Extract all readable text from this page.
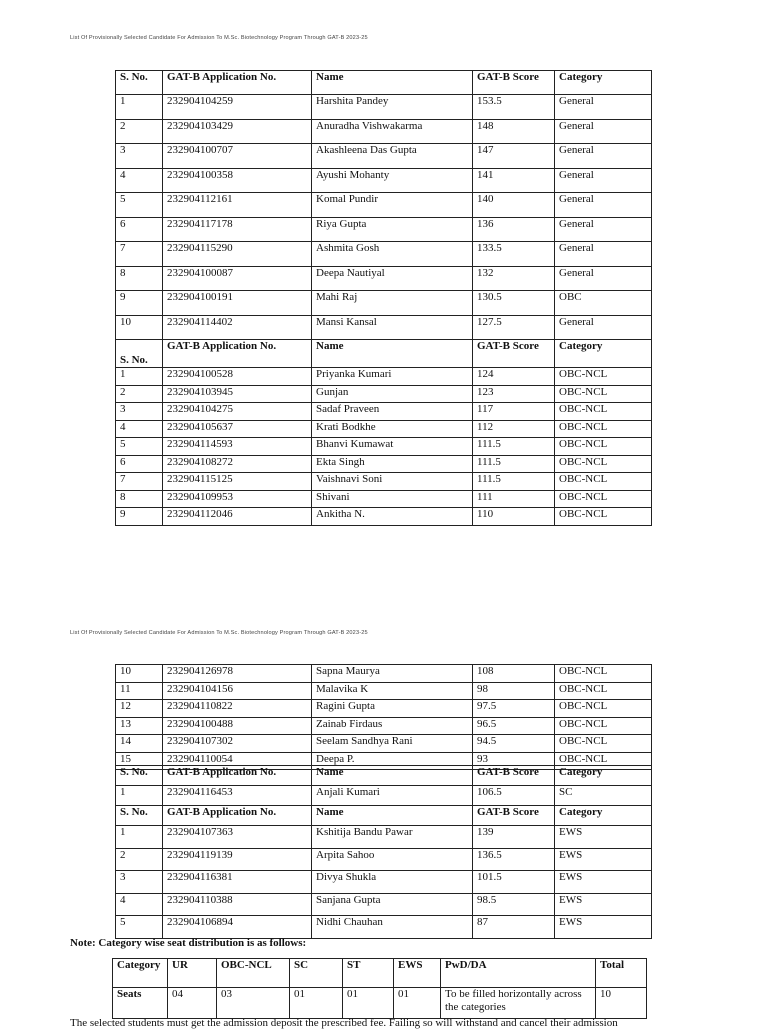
List Of Provisionally Selected Candidate For Admission To M.Sc. Biotechnology Program Through GAT-B 2023-25
S. No.	GAT-B Application No.	Name	GAT-B Score	Category
1	232904104259	Harshita Pandey	153.5	General
2	232904103429	Anuradha Vishwakarma	148	General
3	232904100707	Akashleena Das Gupta	147	General
4	232904100358	Ayushi Mohanty	141	General
5	232904112161	Komal Pundir	140	General
6	232904117178	Riya Gupta	136	General
7	232904115290	Ashmita Gosh	133.5	General
8	232904100087	Deepa Nautiyal	132	General
9	232904100191	Mahi Raj	130.5	OBC
10	232904114402	Mansi Kansal	127.5	General
S. No.	GAT-B Application No.	Name	GAT-B Score	Category
1	232904100528	Priyanka Kumari	124	OBC-NCL
2	232904103945	Gunjan	123	OBC-NCL
3	232904104275	Sadaf Praveen	117	OBC-NCL
4	232904105637	Krati Bodkhe	112	OBC-NCL
5	232904114593	Bhanvi Kumawat	111.5	OBC-NCL
6	232904108272	Ekta Singh	111.5	OBC-NCL
7	232904115125	Vaishnavi Soni	111.5	OBC-NCL
8	232904109953	Shivani	111	OBC-NCL
9	232904112046	Ankitha N.	110	OBC-NCL
List Of Provisionally Selected Candidate For Admission To M.Sc. Biotechnology Program Through GAT-B 2023-25
10	232904126978	Sapna Maurya	108	OBC-NCL
11	232904104156	Malavika K	98	OBC-NCL
12	232904110822	Ragini Gupta	97.5	OBC-NCL
13	232904100488	Zainab Firdaus	96.5	OBC-NCL
14	232904107302	Seelam Sandhya Rani	94.5	OBC-NCL
15	232904110054	Deepa P.	93	OBC-NCL
S. No.	GAT-B Application No.	Name	GAT-B Score	Category
1	232904116453	Anjali Kumari	106.5	SC
S. No.	GAT-B Application No.	Name	GAT-B Score	Category
1	232904107363	Kshitija Bandu Pawar	139	EWS
2	232904119139	Arpita Sahoo	136.5	EWS
3	232904116381	Divya Shukla	101.5	EWS
4	232904110388	Sanjana Gupta	98.5	EWS
5	232904106894	Nidhi Chauhan	87	EWS
Note: Category wise seat distribution is as follows:
Category	UR	OBC-NCL	SC	ST	EWS	PwD/DA	Total
Seats	04	03	01	01	01	To be filled horizontally across the categories	10
The selected students must get the admission deposit the prescribed fee. Failing so will withstand and cancel their admission
